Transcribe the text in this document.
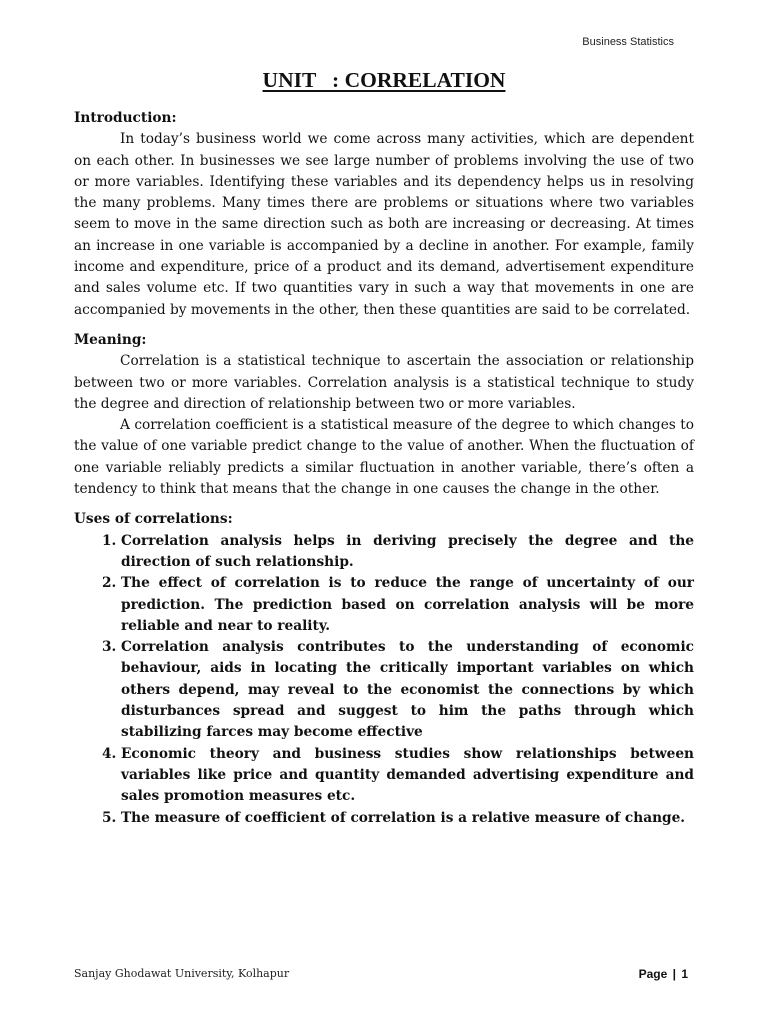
Business Statistics
UNIT   : CORRELATION

Introduction:

In today’s business world we come across many activities, which are dependent on each other. In businesses we see large number of problems involving the use of two or more variables. Identifying these variables and its dependency helps us in resolving the many problems. Many times there are problems or situations where two variables seem to move in the same direction such as both are increasing or decreasing. At times an increase in one variable is accompanied by a decline in another. For example, family income and expenditure, price of a product and its demand, advertisement expenditure and sales volume etc. If two quantities vary in such a way that movements in one are accompanied by movements in the other, then these quantities are said to be correlated.

Meaning:

Correlation is a statistical technique to ascertain the association or relationship between two or more variables. Correlation analysis is a statistical technique to study the degree and direction of relationship between two or more variables.

A correlation coefficient is a statistical measure of the degree to which changes to the value of one variable predict change to the value of another. When the fluctuation of one variable reliably predicts a similar fluctuation in another variable, there’s often a tendency to think that means that the change in one causes the change in the other.

Uses of correlations:

1. Correlation analysis helps in deriving precisely the degree and the direction of such relationship.
2. The effect of correlation is to reduce the range of uncertainty of our prediction. The prediction based on correlation analysis will be more reliable and near to reality.
3. Correlation analysis contributes to the understanding of economic behaviour, aids in locating the critically important variables on which others depend, may reveal to the economist the connections by which disturbances spread and suggest to him the paths through which stabilizing farces may become effective
4. Economic theory and business studies show relationships between variables like price and quantity demanded advertising expenditure and sales promotion measures etc.
5. The measure of coefficient of correlation is a relative measure of change.
Sanjay Ghodawat University, Kolhapur	Page | 1
